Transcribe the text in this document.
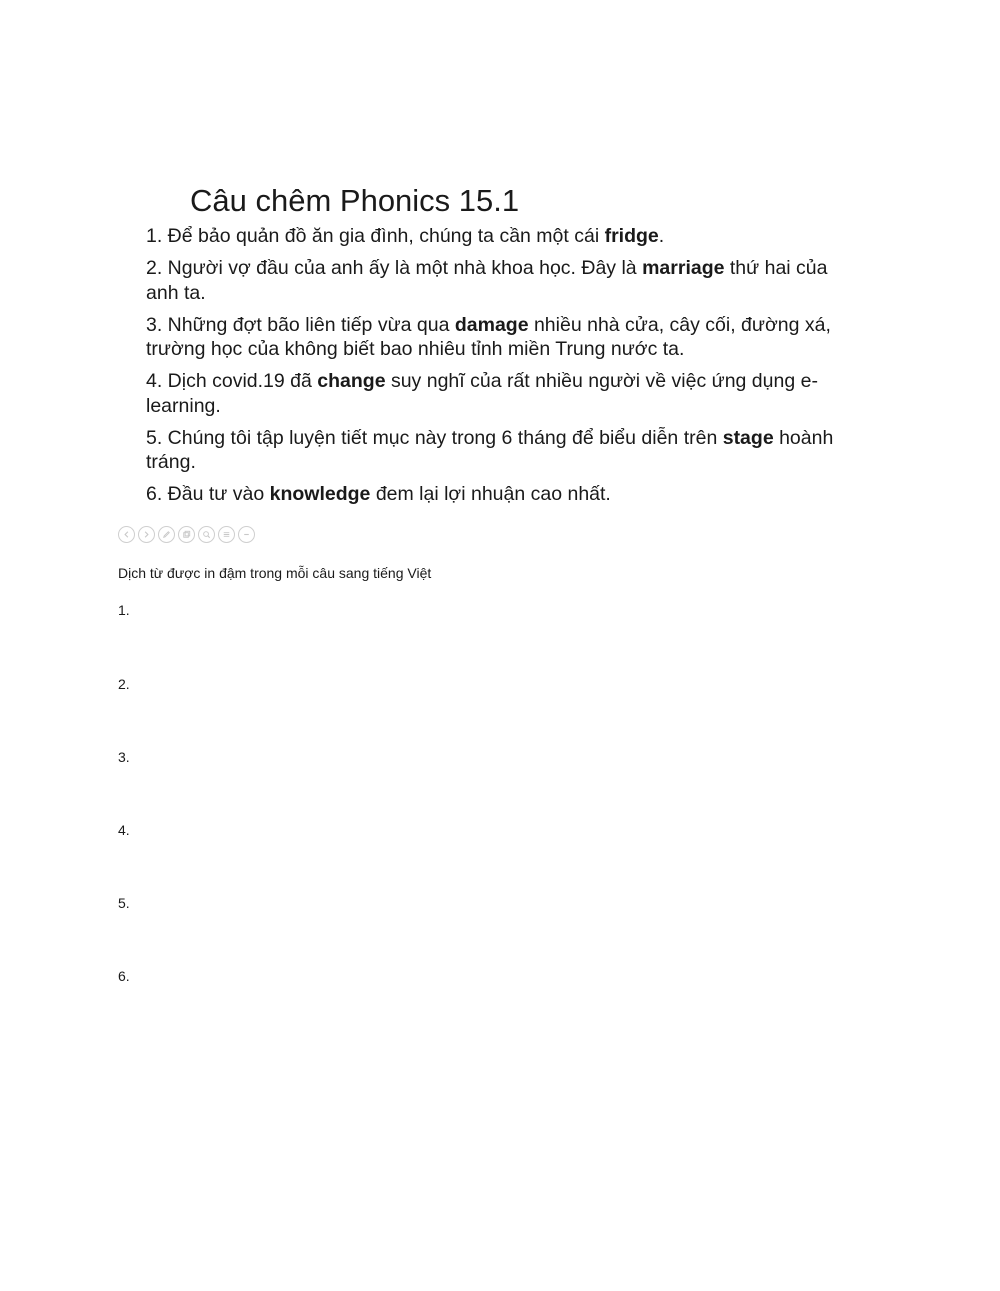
Câu chêm Phonics 15.1
1. Để bảo quản đồ ăn gia đình, chúng ta cần một cái fridge.
2. Người vợ đầu của anh ấy là một nhà khoa học. Đây là marriage thứ hai của anh ta.
3. Những đợt bão liên tiếp vừa qua damage nhiều nhà cửa, cây cối, đường xá, trường học của không biết bao nhiêu tỉnh miền Trung nước ta.
4. Dịch covid.19 đã change suy nghĩ của rất nhiều người về việc ứng dụng e-learning.
5. Chúng tôi tập luyện tiết mục này trong 6 tháng để biểu diễn trên stage hoành tráng.
6. Đầu tư vào knowledge đem lại lợi nhuận cao nhất.

Dịch từ được in đậm trong mỗi câu sang tiếng Việt

1.
2.
3.
4.
5.
6.
